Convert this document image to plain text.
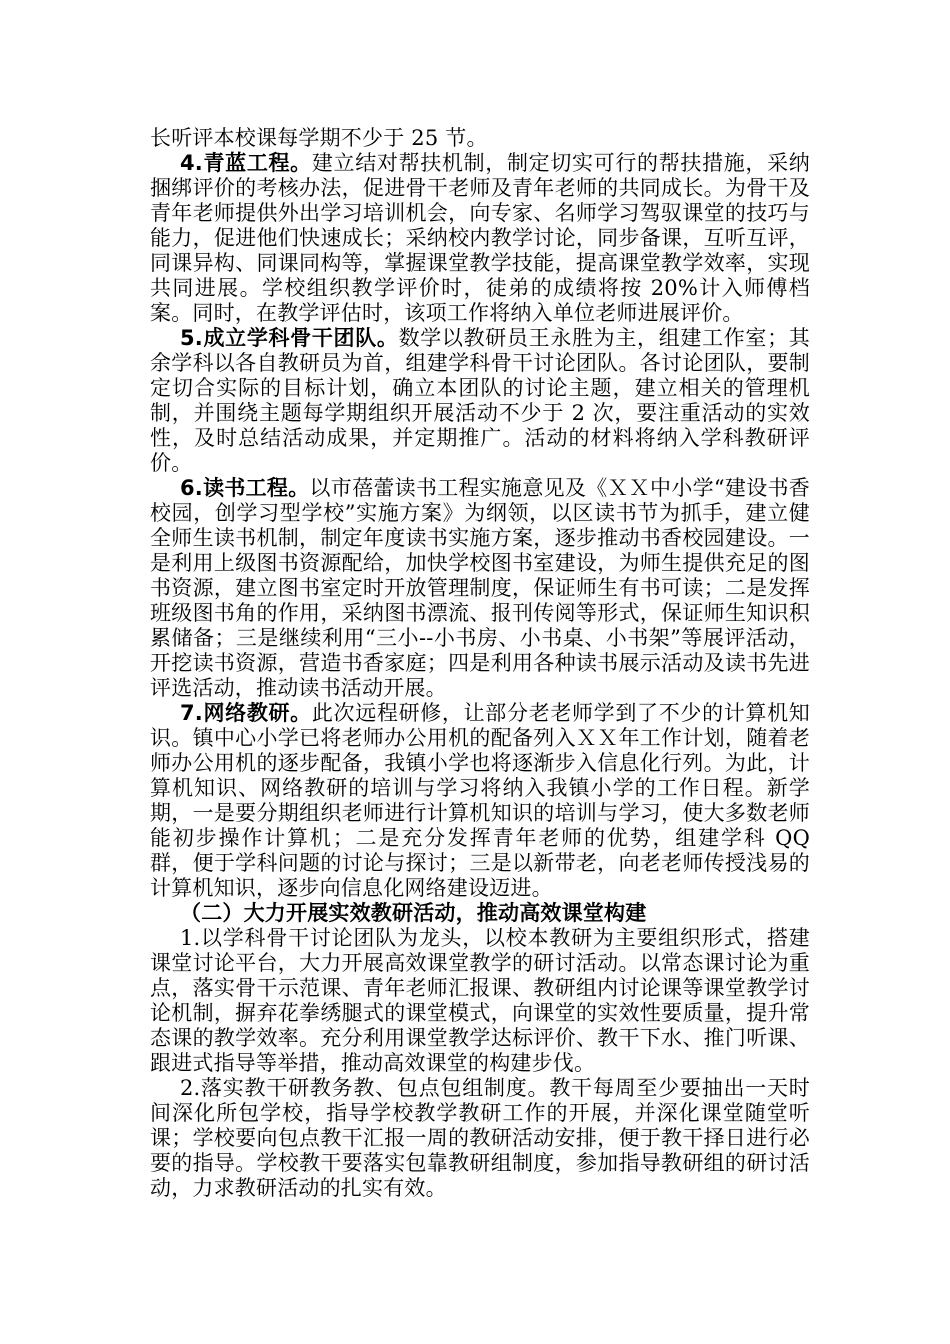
长听评本校课每学期不少于 25 节。

4.青蓝工程。建立结对帮扶机制，制定切实可行的帮扶措施，采纳捆绑评价的考核办法，促进骨干老师及青年老师的共同成长。为骨干及青年老师提供外出学习培训机会，向专家、名师学习驾驭课堂的技巧与能力，促进他们快速成长；采纳校内教学讨论，同步备课，互听互评，同课异构、同课同构等，掌握课堂教学技能，提高课堂教学效率，实现共同进展。学校组织教学评价时，徒弟的成绩将按 20%计入师傅档案。同时，在教学评估时，该项工作将纳入单位老师进展评价。

5.成立学科骨干团队。数学以教研员王永胜为主，组建工作室；其余学科以各自教研员为首，组建学科骨干讨论团队。各讨论团队，要制定切合实际的目标计划，确立本团队的讨论主题，建立相关的管理机制，并围绕主题每学期组织开展活动不少于 2 次，要注重活动的实效性，及时总结活动成果，并定期推广。活动的材料将纳入学科教研评价。

6.读书工程。以市蓓蕾读书工程实施意见及《ＸＸ中小学“建设书香校园，创学习型学校”实施方案》为纲领，以区读书节为抓手，建立健全师生读书机制，制定年度读书实施方案，逐步推动书香校园建设。一是利用上级图书资源配给，加快学校图书室建设，为师生提供充足的图书资源，建立图书室定时开放管理制度，保证师生有书可读；二是发挥班级图书角的作用，采纳图书漂流、报刊传阅等形式，保证师生知识积累储备；三是继续利用“三小--小书房、小书桌、小书架”等展评活动，开挖读书资源，营造书香家庭；四是利用各种读书展示活动及读书先进评选活动，推动读书活动开展。

7.网络教研。此次远程研修，让部分老老师学到了不少的计算机知识。镇中心小学已将老师办公用机的配备列入ＸＸ年工作计划，随着老师办公用机的逐步配备，我镇小学也将逐渐步入信息化行列。为此，计算机知识、网络教研的培训与学习将纳入我镇小学的工作日程。新学期，一是要分期组织老师进行计算机知识的培训与学习，使大多数老师能初步操作计算机；二是充分发挥青年老师的优势，组建学科 QQ 群，便于学科问题的讨论与探讨；三是以新带老，向老老师传授浅易的计算机知识，逐步向信息化网络建设迈进。

（二）大力开展实效教研活动，推动高效课堂构建

1.以学科骨干讨论团队为龙头，以校本教研为主要组织形式，搭建课堂讨论平台，大力开展高效课堂教学的研讨活动。以常态课讨论为重点，落实骨干示范课、青年老师汇报课、教研组内讨论课等课堂教学讨论机制，摒弃花拳绣腿式的课堂模式，向课堂的实效性要质量，提升常态课的教学效率。充分利用课堂教学达标评价、教干下水、推门听课、跟进式指导等举措，推动高效课堂的构建步伐。

2.落实教干研教务教、包点包组制度。教干每周至少要抽出一天时间深化所包学校，指导学校教学教研工作的开展，并深化课堂随堂听课；学校要向包点教干汇报一周的教研活动安排，便于教干择日进行必要的指导。学校教干要落实包靠教研组制度，参加指导教研组的研讨活动，力求教研活动的扎实有效。
